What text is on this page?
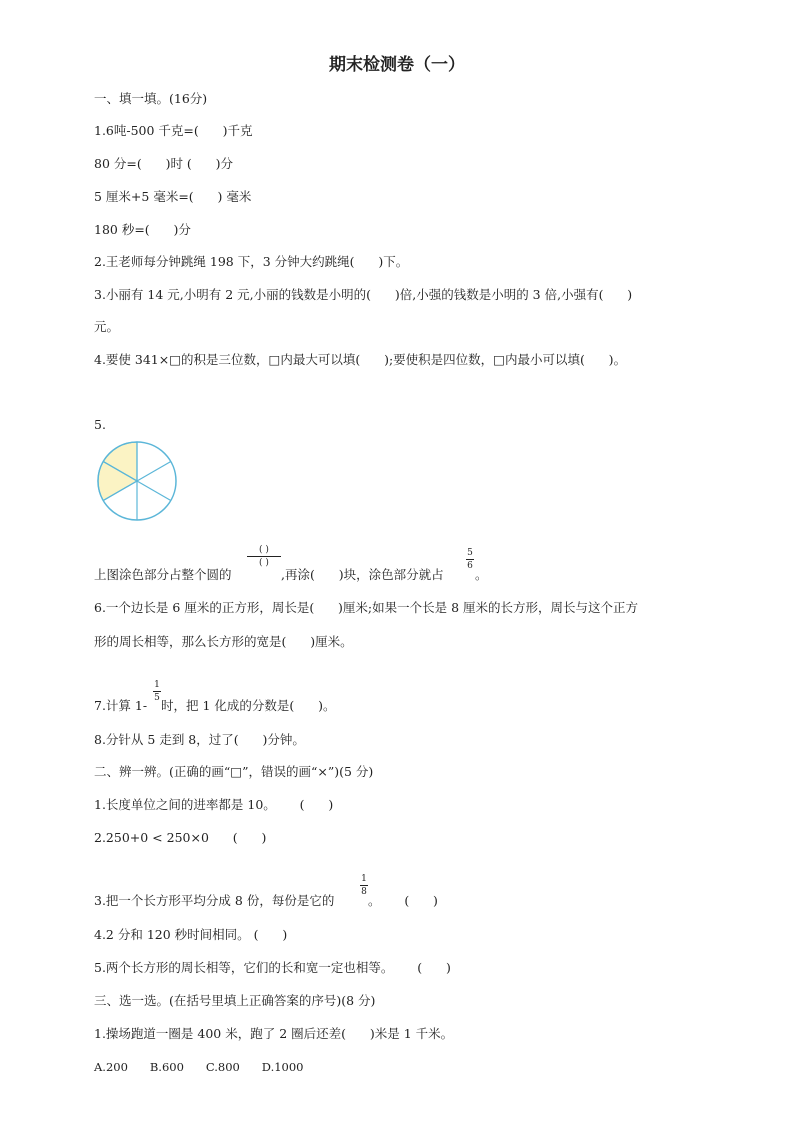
期末检测卷（一）
一、填一填。(16分)
1.6吨-500 千克=(      )千克
80 分=(      )时 (      )分
5 厘米+5 毫米=(      ) 毫米
180 秒=(      )分
2.王老师每分钟跳绳 198 下，3 分钟大约跳绳(      )下。
3.小丽有 14 元,小明有 2 元,小丽的钱数是小明的(      )倍,小强的钱数是小明的 3 倍,小强有(      )
元。
4.要使 341×□的积是三位数，□内最大可以填(      );要使积是四位数，□内最小可以填(      )。
5.
上图涂色部分占整个圆的
( )
( )
,再涂(      )块，涂色部分就占
5
6
。
6.一个边长是 6 厘米的正方形，周长是(      )厘米;如果一个长是 8 厘米的长方形，周长与这个正方
形的周长相等，那么长方形的宽是(      )厘米。
7.计算 1-
1
5 时，把 1 化成的分数是(      )。
8.分针从 5 走到 8，过了(      )分钟。
二、辨一辨。(正确的画“□”，错误的画“×”)(5 分)
1.长度单位之间的进率都是 10。      (      )
2.250+0 < 250×0      (      )
3.把一个长方形平均分成 8 份，每份是它的
1
8
。      (      )
4.2 分和 120 秒时间相同。 (      )
5.两个长方形的周长相等，它们的长和宽一定也相等。      (      )
三、选一选。(在括号里填上正确答案的序号)(8 分)
1.操场跑道一圈是 400 米，跑了 2 圈后还差(      )米是 1 千米。
A.200      B.600      C.800      D.1000
